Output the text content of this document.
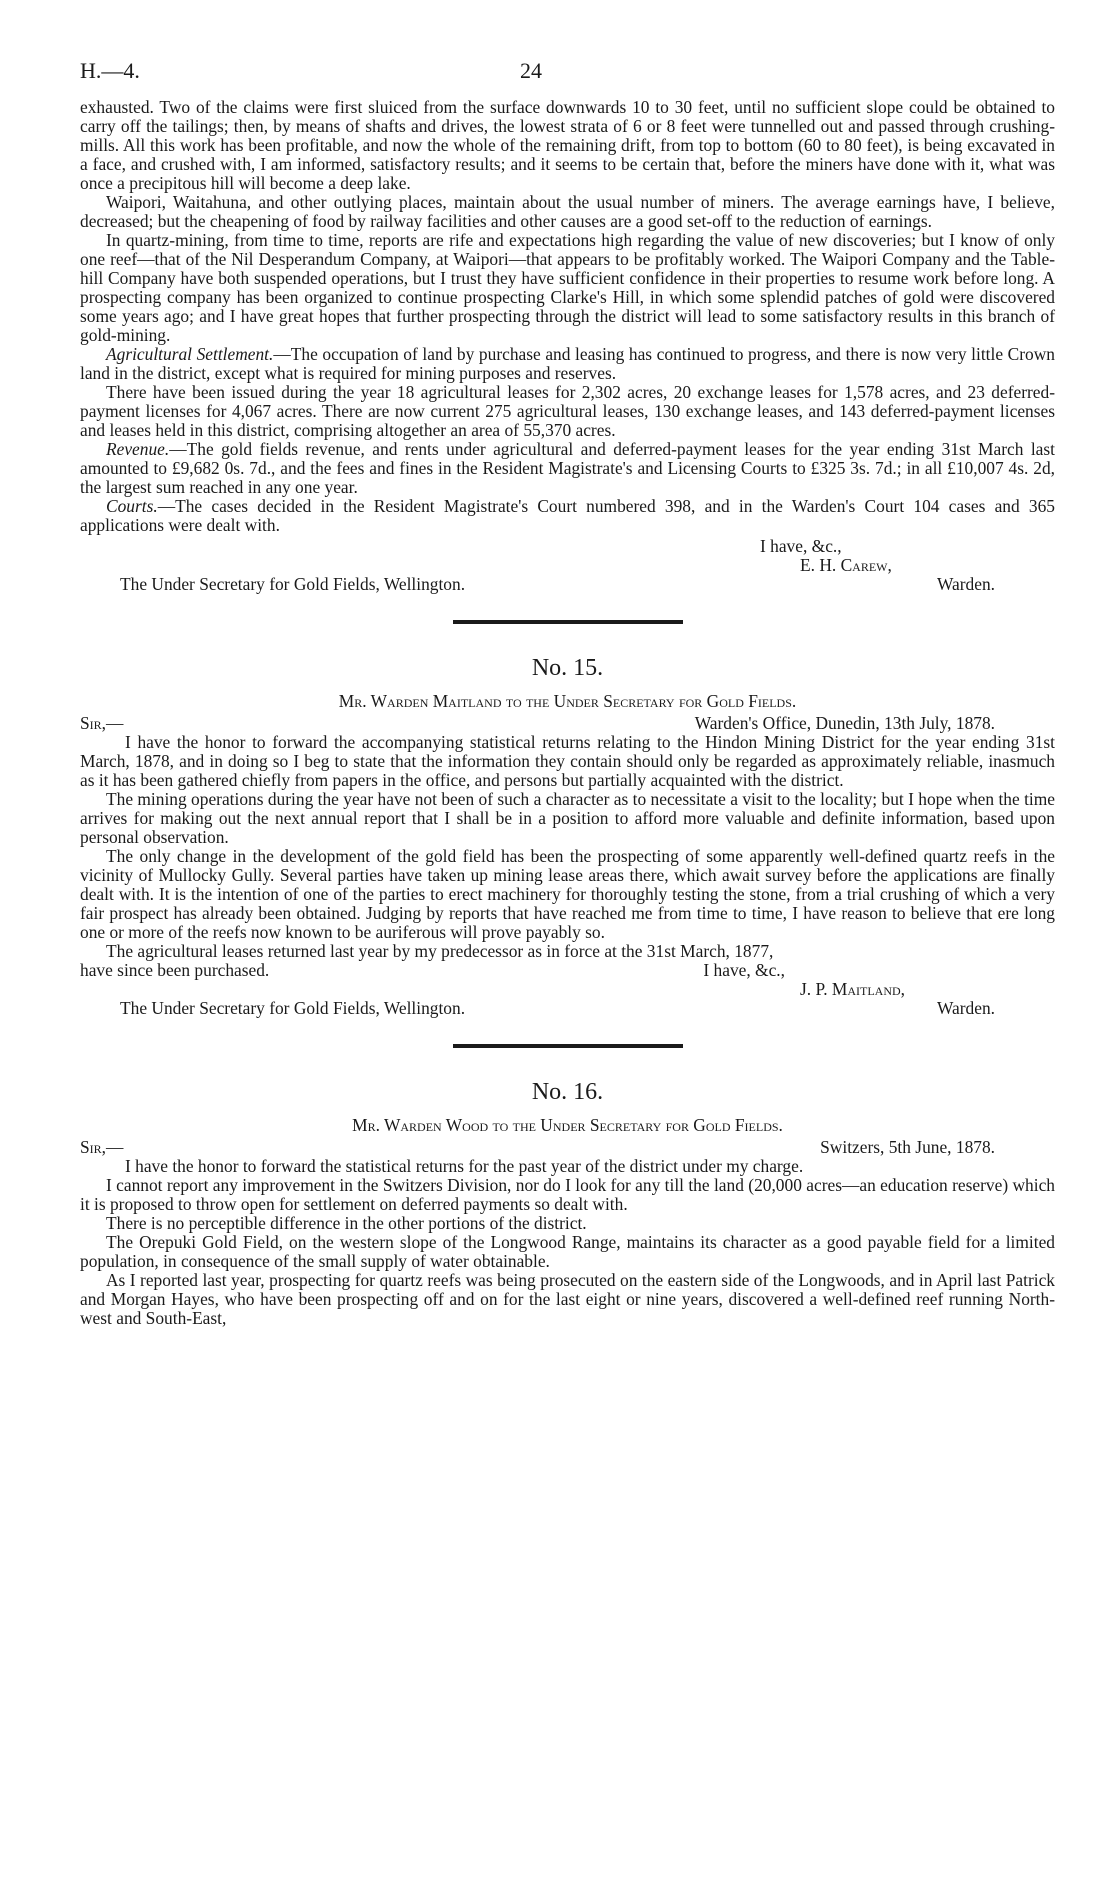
H.—4.	24

exhausted. Two of the claims were first sluiced from the surface downwards 10 to 30 feet, until no sufficient slope could be obtained to carry off the tailings; then, by means of shafts and drives, the lowest strata of 6 or 8 feet were tunnelled out and passed through crushing-mills. All this work has been profitable, and now the whole of the remaining drift, from top to bottom (60 to 80 feet), is being excavated in a face, and crushed with, I am informed, satisfactory results; and it seems to be certain that, before the miners have done with it, what was once a precipitous hill will become a deep lake.

Waipori, Waitahuna, and other outlying places, maintain about the usual number of miners. The average earnings have, I believe, decreased; but the cheapening of food by railway facilities and other causes are a good set-off to the reduction of earnings.

In quartz-mining, from time to time, reports are rife and expectations high regarding the value of new discoveries; but I know of only one reef—that of the Nil Desperandum Company, at Waipori—that appears to be profitably worked. The Waipori Company and the Table-hill Company have both suspended operations, but I trust they have sufficient confidence in their properties to resume work before long. A prospecting company has been organized to continue prospecting Clarke's Hill, in which some splendid patches of gold were discovered some years ago; and I have great hopes that further prospecting through the district will lead to some satisfactory results in this branch of gold-mining.

Agricultural Settlement.—The occupation of land by purchase and leasing has continued to progress, and there is now very little Crown land in the district, except what is required for mining purposes and reserves.

There have been issued during the year 18 agricultural leases for 2,302 acres, 20 exchange leases for 1,578 acres, and 23 deferred-payment licenses for 4,067 acres. There are now current 275 agricultural leases, 130 exchange leases, and 143 deferred-payment licenses and leases held in this district, comprising altogether an area of 55,370 acres.

Revenue.—The gold fields revenue, and rents under agricultural and deferred-payment leases for the year ending 31st March last amounted to £9,682 0s. 7d., and the fees and fines in the Resident Magistrate's and Licensing Courts to £325 3s. 7d.; in all £10,007 4s. 2d, the largest sum reached in any one year.

Courts.—The cases decided in the Resident Magistrate's Court numbered 398, and in the Warden's Court 104 cases and 365 applications were dealt with.

I have, &c.,
E. H. Carew,
The Under Secretary for Gold Fields, Wellington.	Warden.
No. 15.
Mr. Warden Maitland to the Under Secretary for Gold Fields.
Sir,—	Warden's Office, Dunedin, 13th July, 1878.

I have the honor to forward the accompanying statistical returns relating to the Hindon Mining District for the year ending 31st March, 1878, and in doing so I beg to state that the information they contain should only be regarded as approximately reliable, inasmuch as it has been gathered chiefly from papers in the office, and persons but partially acquainted with the district.

The mining operations during the year have not been of such a character as to necessitate a visit to the locality; but I hope when the time arrives for making out the next annual report that I shall be in a position to afford more valuable and definite information, based upon personal observation.

The only change in the development of the gold field has been the prospecting of some apparently well-defined quartz reefs in the vicinity of Mullocky Gully. Several parties have taken up mining lease areas there, which await survey before the applications are finally dealt with. It is the intention of one of the parties to erect machinery for thoroughly testing the stone, from a trial crushing of which a very fair prospect has already been obtained. Judging by reports that have reached me from time to time, I have reason to believe that ere long one or more of the reefs now known to be auriferous will prove payably so.

The agricultural leases returned last year by my predecessor as in force at the 31st March, 1877,

have since been purchased.	I have, &c.,
J. P. Maitland,
The Under Secretary for Gold Fields, Wellington.	Warden.
No. 16.
Mr. Warden Wood to the Under Secretary for Gold Fields.
Sir,—	Switzers, 5th June, 1878.

I have the honor to forward the statistical returns for the past year of the district under my charge.

I cannot report any improvement in the Switzers Division, nor do I look for any till the land (20,000 acres—an education reserve) which it is proposed to throw open for settlement on deferred payments so dealt with.

There is no perceptible difference in the other portions of the district.

The Orepuki Gold Field, on the western slope of the Longwood Range, maintains its character as a good payable field for a limited population, in consequence of the small supply of water obtainable.

As I reported last year, prospecting for quartz reefs was being prosecuted on the eastern side of the Longwoods, and in April last Patrick and Morgan Hayes, who have been prospecting off and on for the last eight or nine years, discovered a well-defined reef running North-west and South-East,
